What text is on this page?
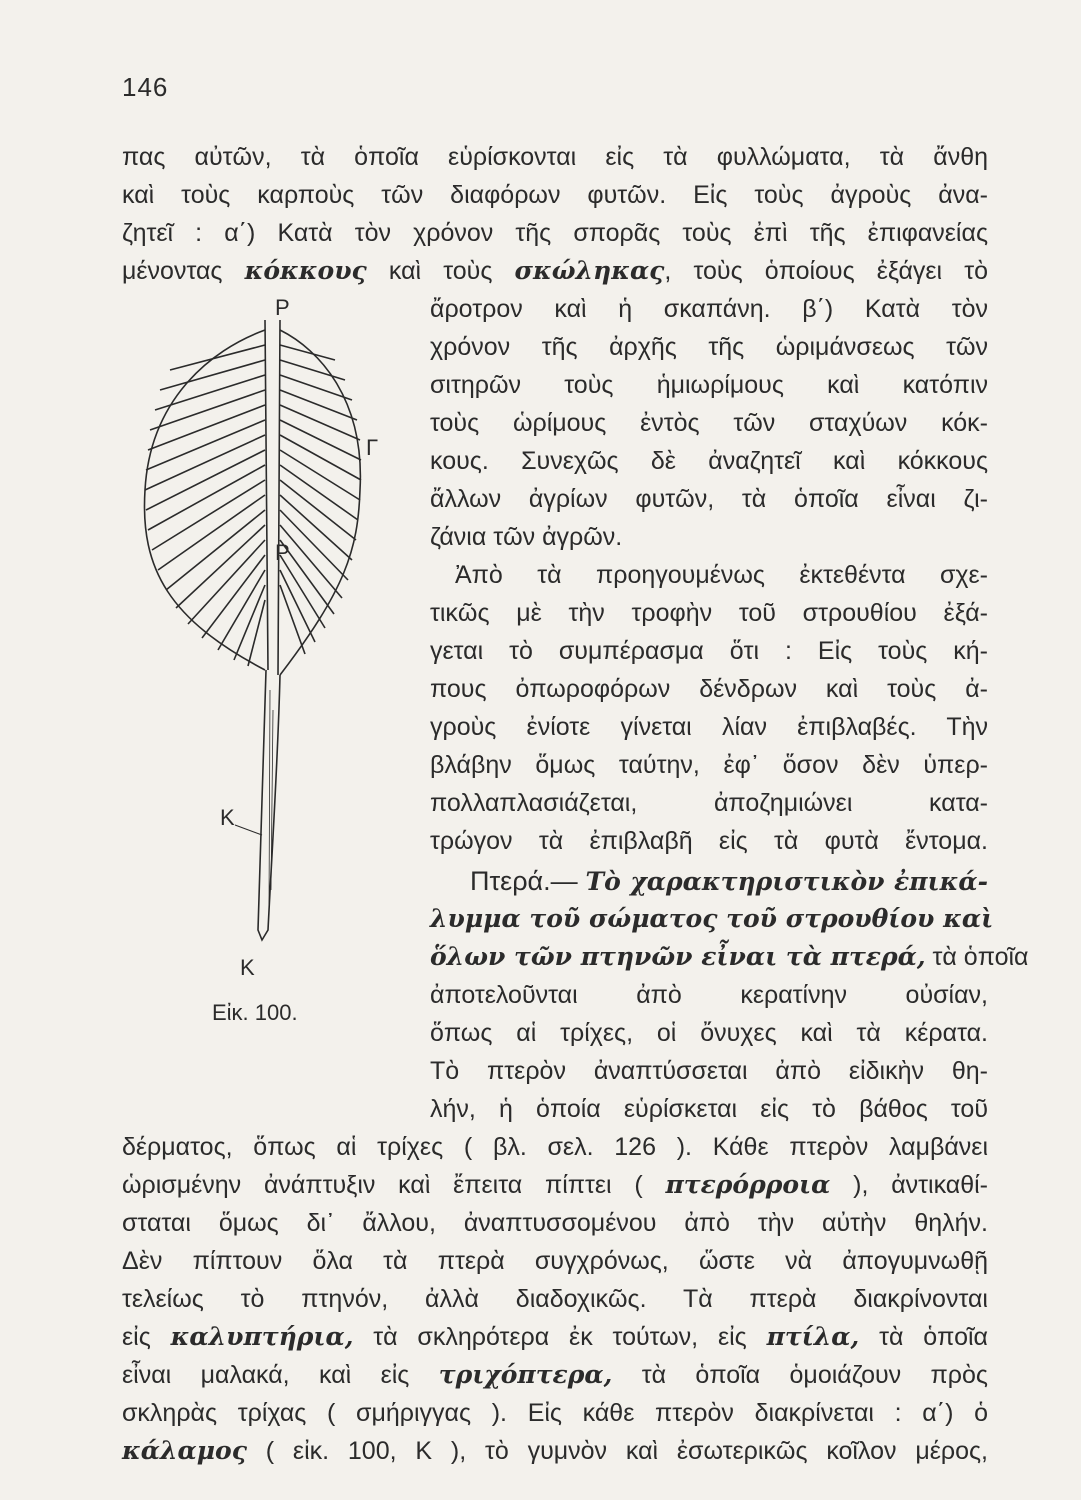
146
πας αὐτῶν, τὰ ὁποῖα εὑρίσκονται εἰς τὰ φυλλώματα, τὰ ἄνθη
καὶ τοὺς καρποὺς τῶν διαφόρων φυτῶν. Εἰς τοὺς ἀγροὺς ἀνα-
ζητεῖ : α΄) Κατὰ τὸν χρόνον τῆς σπορᾶς τοὺς ἐπὶ τῆς ἐπιφανείας
μένοντας κόκκους καὶ τοὺς σκώληκας, τοὺς ὁποίους ἐξάγει τὸ
ἄροτρον καὶ ἡ σκαπάνη. β΄) Κατὰ τὸν
χρόνον τῆς ἀρχῆς τῆς ὡριμάνσεως τῶν
σιτηρῶν τοὺς ἡμιωρίμους καὶ κατόπιν
τοὺς ὡρίμους ἐντὸς τῶν σταχύων κόκ-
κους. Συνεχῶς δὲ ἀναζητεῖ καὶ κόκκους
ἄλλων ἀγρίων φυτῶν, τὰ ὁποῖα εἶναι ζι-
ζάνια τῶν ἀγρῶν.
Ἀπὸ τὰ προηγουμένως ἐκτεθέντα σχε-
τικῶς μὲ τὴν τροφὴν τοῦ στρουθίου ἐξά-
γεται τὸ συμπέρασμα ὅτι : Εἰς τοὺς κή-
πους ὀπωροφόρων δένδρων καὶ τοὺς ἀ-
γροὺς ἐνίοτε γίνεται λίαν ἐπιβλαβές. Τὴν
βλάβην ὅμως ταύτην, ἐφ᾽ ὅσον δὲν ὑπερ-
πολλαπλασιάζεται, ἀποζημιώνει κατα-
τρώγον τὰ ἐπιβλαβῆ εἰς τὰ φυτὰ ἔντομα.
Πτερά.— Τὸ χαρακτηριστικὸν ἐπικά-
λυμμα τοῦ σώματος τοῦ στρουθίου καὶ
ὅλων τῶν πτηνῶν εἶναι τὰ πτερά, τὰ ὁποῖα
ἀποτελοῦνται ἀπὸ κερατίνην οὐσίαν,
ὅπως αἱ τρίχες, οἱ ὄνυχες καὶ τὰ κέρατα.
Τὸ πτερὸν ἀναπτύσσεται ἀπὸ εἰδικὴν θη-
λήν, ἡ ὁποία εὑρίσκεται εἰς τὸ βάθος τοῦ
δέρματος, ὅπως αἱ τρίχες ( βλ. σελ. 126 ). Κάθε πτερὸν λαμβάνει
ὡρισμένην ἀνάπτυξιν καὶ ἔπειτα πίπτει ( πτερόρροια ), ἀντικαθί-
σταται ὅμως δι᾽ ἄλλου, ἀναπτυσσομένου ἀπὸ τὴν αὐτὴν θηλήν.
Δὲν πίπτουν ὅλα τὰ πτερὰ συγχρόνως, ὥστε νὰ ἀπογυμνωθῇ
τελείως τὸ πτηνόν, ἀλλὰ διαδοχικῶς. Τὰ πτερὰ διακρίνονται
εἰς καλυπτήρια, τὰ σκληρότερα ἐκ τούτων, εἰς πτίλα, τὰ ὁποῖα
εἶναι μαλακά, καὶ εἰς τριχόπτερα, τὰ ὁποῖα ὁμοιάζουν πρὸς
σκληρὰς τρίχας ( σμήριγγας ). Εἰς κάθε πτερὸν διακρίνεται : α΄) ὁ
κάλαμος ( εἰκ. 100, Κ ), τὸ γυμνὸν καὶ ἐσωτερικῶς κοῖλον μέρος,
Ρ
Γ
Ρ
Κ
Κ
Εἰκ. 100.
